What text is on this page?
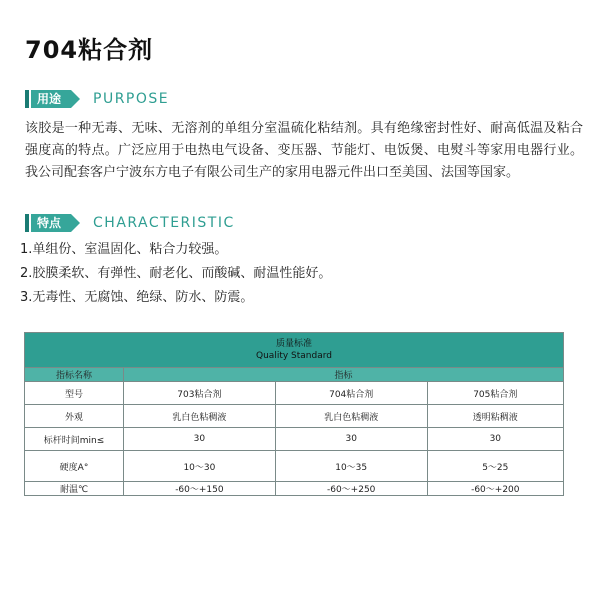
704粘合剂
用途	PURPOSE
该胶是一种无毒、无味、无溶剂的单组分室温硫化粘结剂。具有绝缘密封性好、耐高低温及粘合强度高的特点。广泛应用于电热电气设备、变压器、节能灯、电饭煲、电熨斗等家用电器行业。我公司配套客户宁波东方电子有限公司生产的家用电器元件出口至美国、法国等国家。
特点	CHARACTERISTIC
1.单组份、室温固化、粘合力较强。
2.胶膜柔软、有弹性、耐老化、而酸碱、耐温性能好。
3.无毒性、无腐蚀、绝绿、防水、防震。
质量标准
Quality Standard			

指标名称	指标		
型号	703粘合剂	704粘合剂	705粘合剂
外观	乳白色粘稠液	乳白色粘稠液	透明粘稠液
标杆时间min≤	30	30	30
硬度A°	10～30	10～35	5～25
耐温℃	-60～+150	-60～+250	-60～+200
